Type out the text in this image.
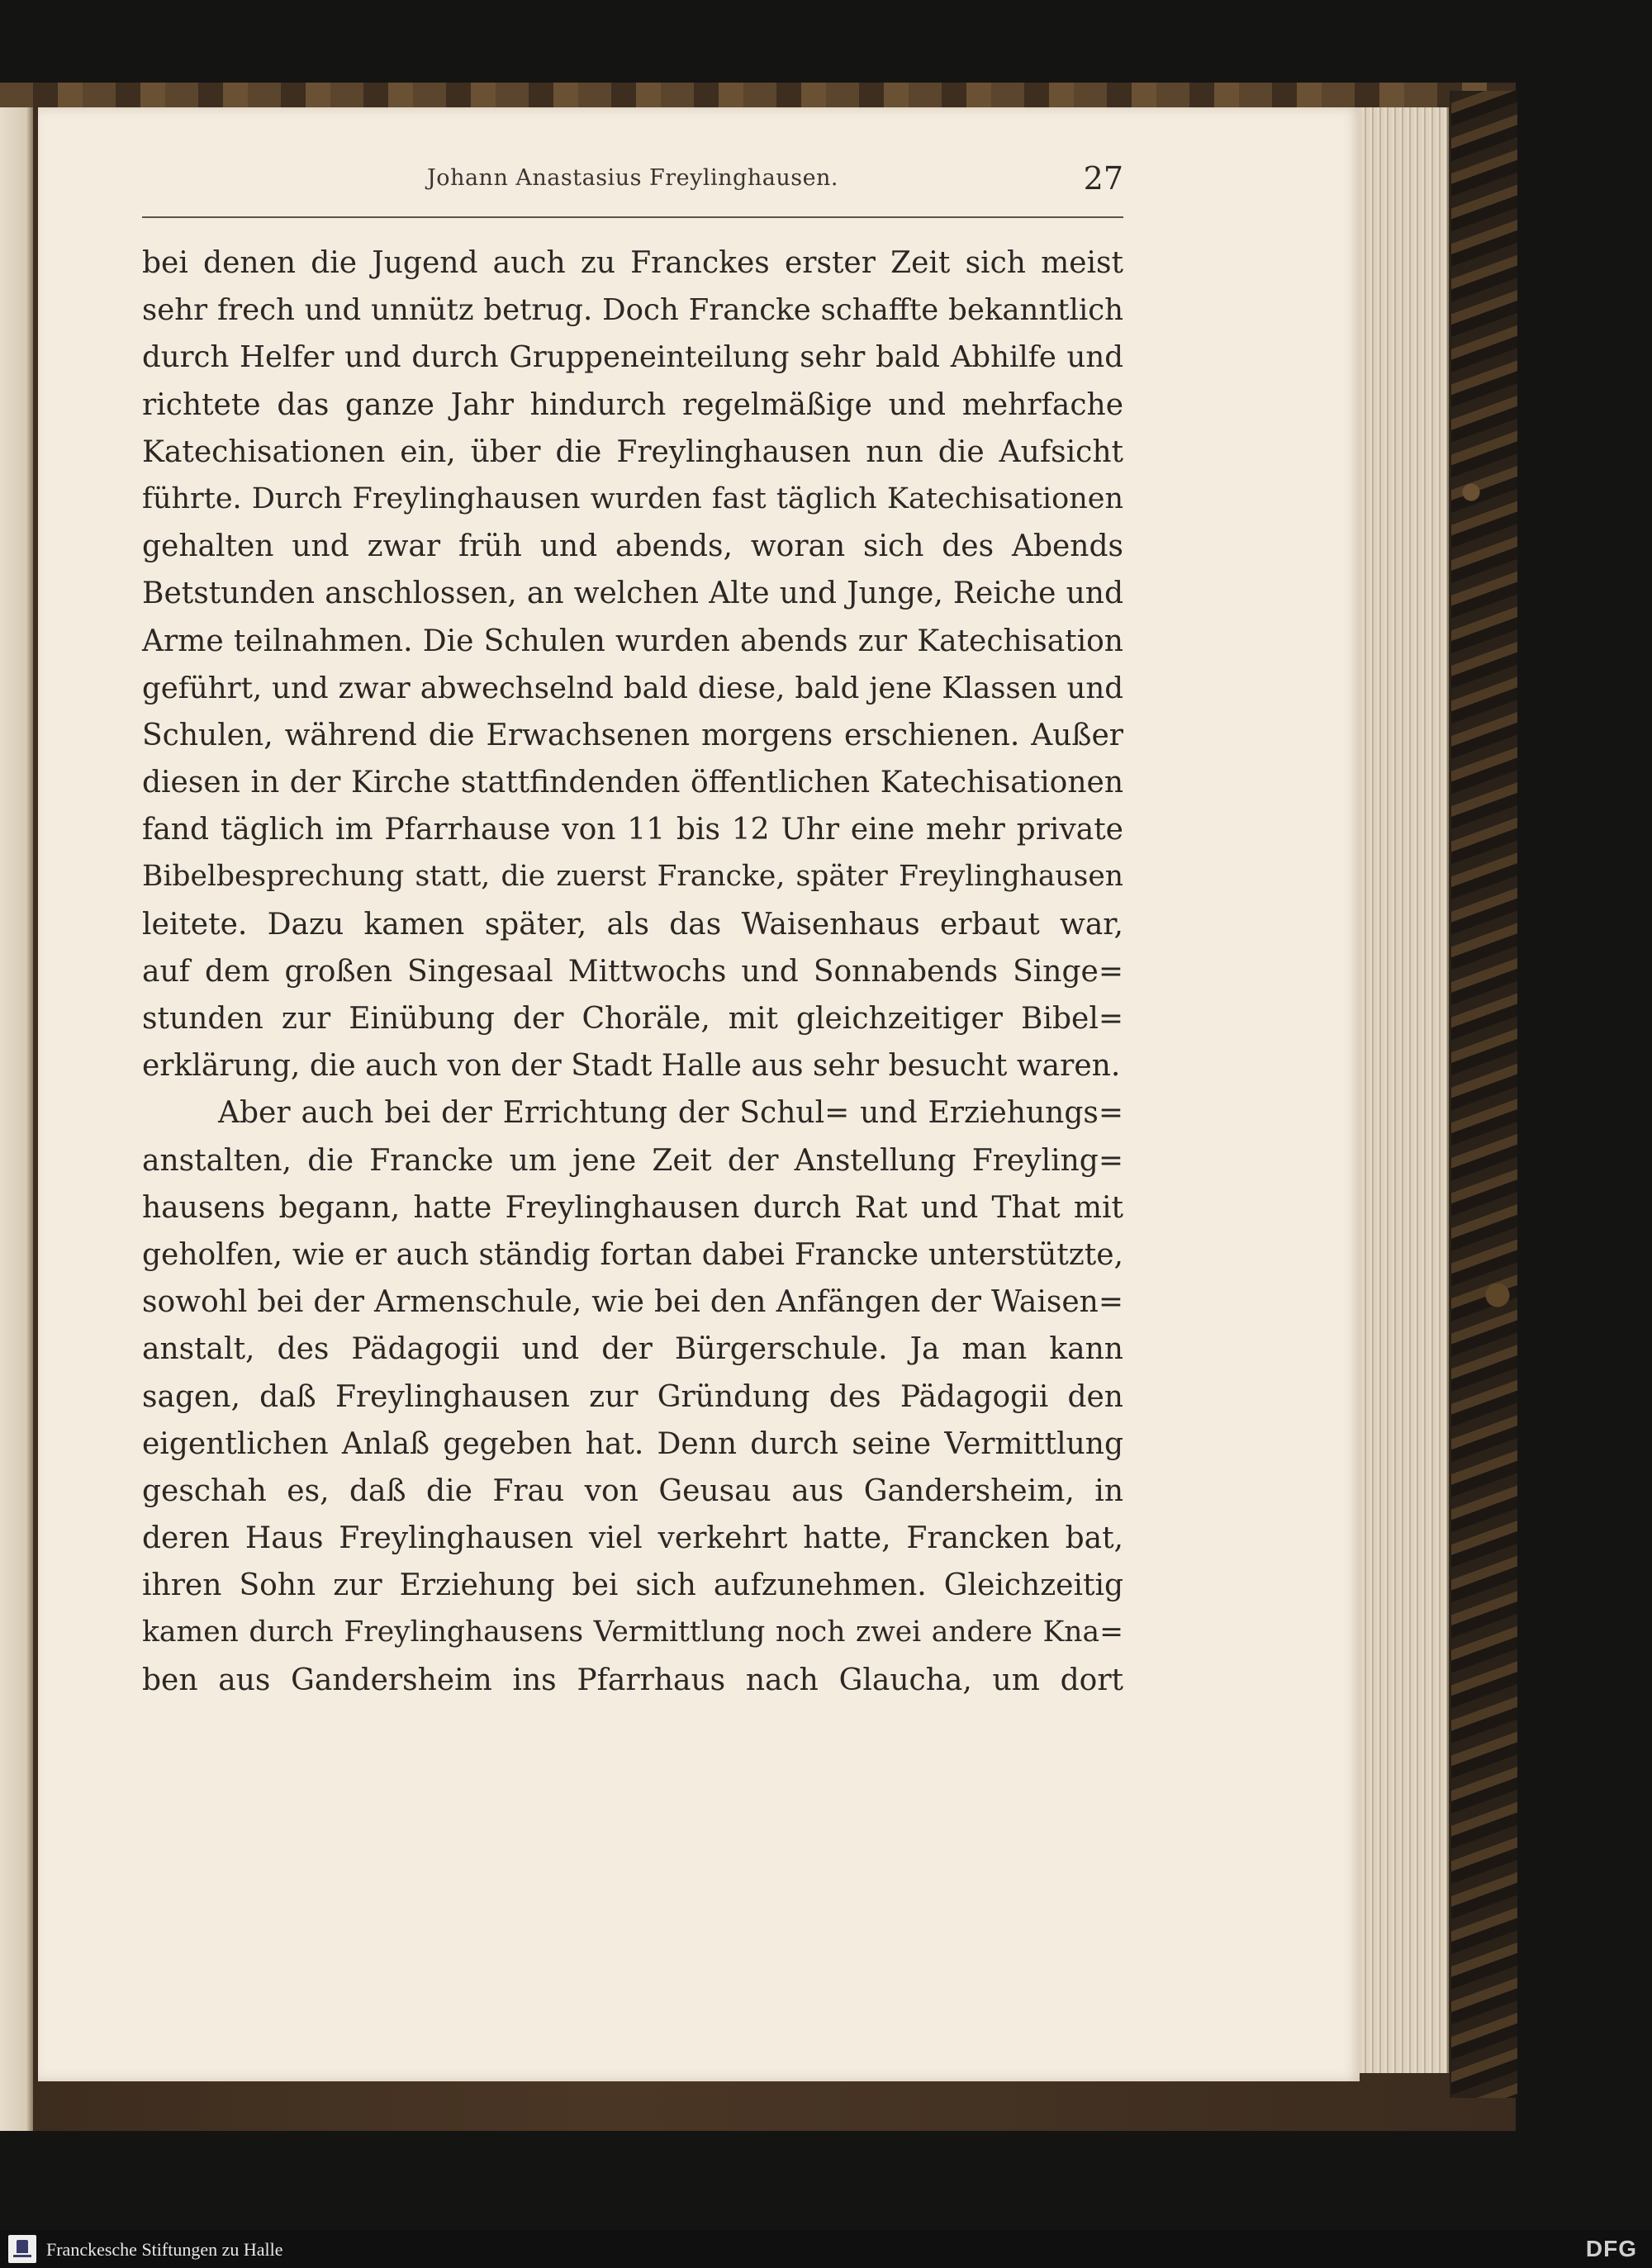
Johann Anastasius Freylinghausen.	27
bei denen die Jugend auch zu Franckes erster Zeit sich meist
sehr frech und unnütz betrug. Doch Francke schaffte bekanntlich
durch Helfer und durch Gruppeneinteilung sehr bald Abhilfe und
richtete das ganze Jahr hindurch regelmäßige und mehrfache
Katechisationen ein, über die Freylinghausen nun die Aufsicht
führte. Durch Freylinghausen wurden fast täglich Katechisationen
gehalten und zwar früh und abends, woran sich des Abends
Betstunden anschlossen, an welchen Alte und Junge, Reiche und
Arme teilnahmen. Die Schulen wurden abends zur Katechisation
geführt, und zwar abwechselnd bald diese, bald jene Klassen und
Schulen, während die Erwachsenen morgens erschienen. Außer
diesen in der Kirche stattfindenden öffentlichen Katechisationen
fand täglich im Pfarrhause von 11 bis 12 Uhr eine mehr private
Bibelbesprechung statt, die zuerst Francke, später Freylinghausen
leitete. Dazu kamen später, als das Waisenhaus erbaut war,
auf dem großen Singesaal Mittwochs und Sonnabends Singe=
stunden zur Einübung der Choräle, mit gleichzeitiger Bibel=
erklärung, die auch von der Stadt Halle aus sehr besucht waren.
Aber auch bei der Errichtung der Schul= und Erziehungs=
anstalten, die Francke um jene Zeit der Anstellung Freyling=
hausens begann, hatte Freylinghausen durch Rat und That mit
geholfen, wie er auch ständig fortan dabei Francke unterstützte,
sowohl bei der Armenschule, wie bei den Anfängen der Waisen=
anstalt, des Pädagogii und der Bürgerschule. Ja man kann
sagen, daß Freylinghausen zur Gründung des Pädagogii den
eigentlichen Anlaß gegeben hat. Denn durch seine Vermittlung
geschah es, daß die Frau von Geusau aus Gandersheim, in
deren Haus Freylinghausen viel verkehrt hatte, Francken bat,
ihren Sohn zur Erziehung bei sich aufzunehmen. Gleichzeitig
kamen durch Freylinghausens Vermittlung noch zwei andere Kna=
ben aus Gandersheim ins Pfarrhaus nach Glaucha, um dort
Franckesche Stiftungen zu Halle	DFG
